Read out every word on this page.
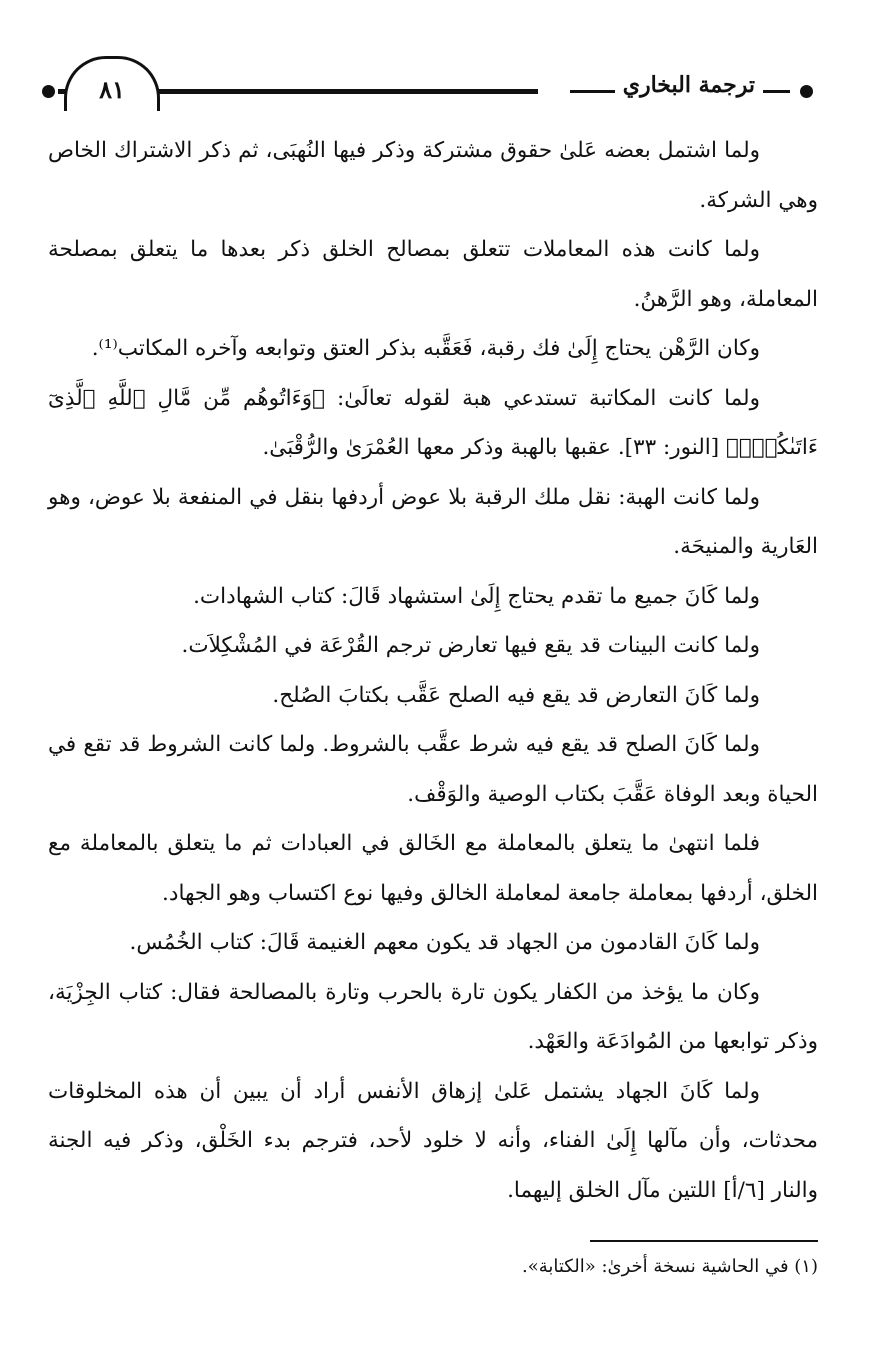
ترجمة البخاري
٨١

ولما اشتمل بعضه عَلىٰ حقوق مشتركة وذكر فيها النُهبَى، ثم ذكر الاشتراك الخاص وهي الشركة.

ولما كانت هذه المعاملات تتعلق بمصالح الخلق ذكر بعدها ما يتعلق بمصلحة المعاملة، وهو الرَّهنُ.

وكان الرَّهْن يحتاج إِلَىٰ فك رقبة، فَعَقَّبه بذكر العتق وتوابعه وآخره المكاتب⁽¹⁾.

ولما كانت المكاتبة تستدعي هبة لقوله تعالَىٰ: ﴿وَءَاتُوهُم مِّن مَّالِ ٱللَّهِ ٱلَّذِىٓ ءَاتَىٰكُمۡۚ﴾ [النور: ٣٣]. عقبها بالهبة وذكر معها العُمْرَىٰ والرُّقْبَىٰ.

ولما كانت الهبة: نقل ملك الرقبة بلا عوض أردفها بنقل في المنفعة بلا عوض، وهو العَارية والمنيحَة.

ولما كَانَ جميع ما تقدم يحتاج إِلَىٰ استشهاد قَالَ: كتاب الشهادات.

ولما كانت البينات قد يقع فيها تعارض ترجم القُرْعَة في المُشْكِلاَت.

ولما كَانَ التعارض قد يقع فيه الصلح عَقَّب بكتابَ الصُلح.

ولما كَانَ الصلح قد يقع فيه شرط عقَّب بالشروط. ولما كانت الشروط قد تقع في الحياة وبعد الوفاة عَقَّبَ بكتاب الوصية والوَقْف.

فلما انتهىٰ ما يتعلق بالمعاملة مع الخَالق في العبادات ثم ما يتعلق بالمعاملة مع الخلق، أردفها بمعاملة جامعة لمعاملة الخالق وفيها نوع اكتساب وهو الجهاد.

ولما كَانَ القادمون من الجهاد قد يكون معهم الغنيمة قَالَ: كتاب الخُمُس.

وكان ما يؤخذ من الكفار يكون تارة بالحرب وتارة بالمصالحة فقال: كتاب الجِزْيَة، وذكر توابعها من المُوادَعَة والعَهْد.

ولما كَانَ الجهاد يشتمل عَلىٰ إزهاق الأنفس أراد أن يبين أن هذه المخلوقات محدثات، وأن مآلها إِلَىٰ الفناء، وأنه لا خلود لأحد، فترجم بدء الخَلْق، وذكر فيه الجنة والنار [٦/أ] اللتين مآل الخلق إليهما.

(١) في الحاشية نسخة أخرىٰ: «الكتابة».
